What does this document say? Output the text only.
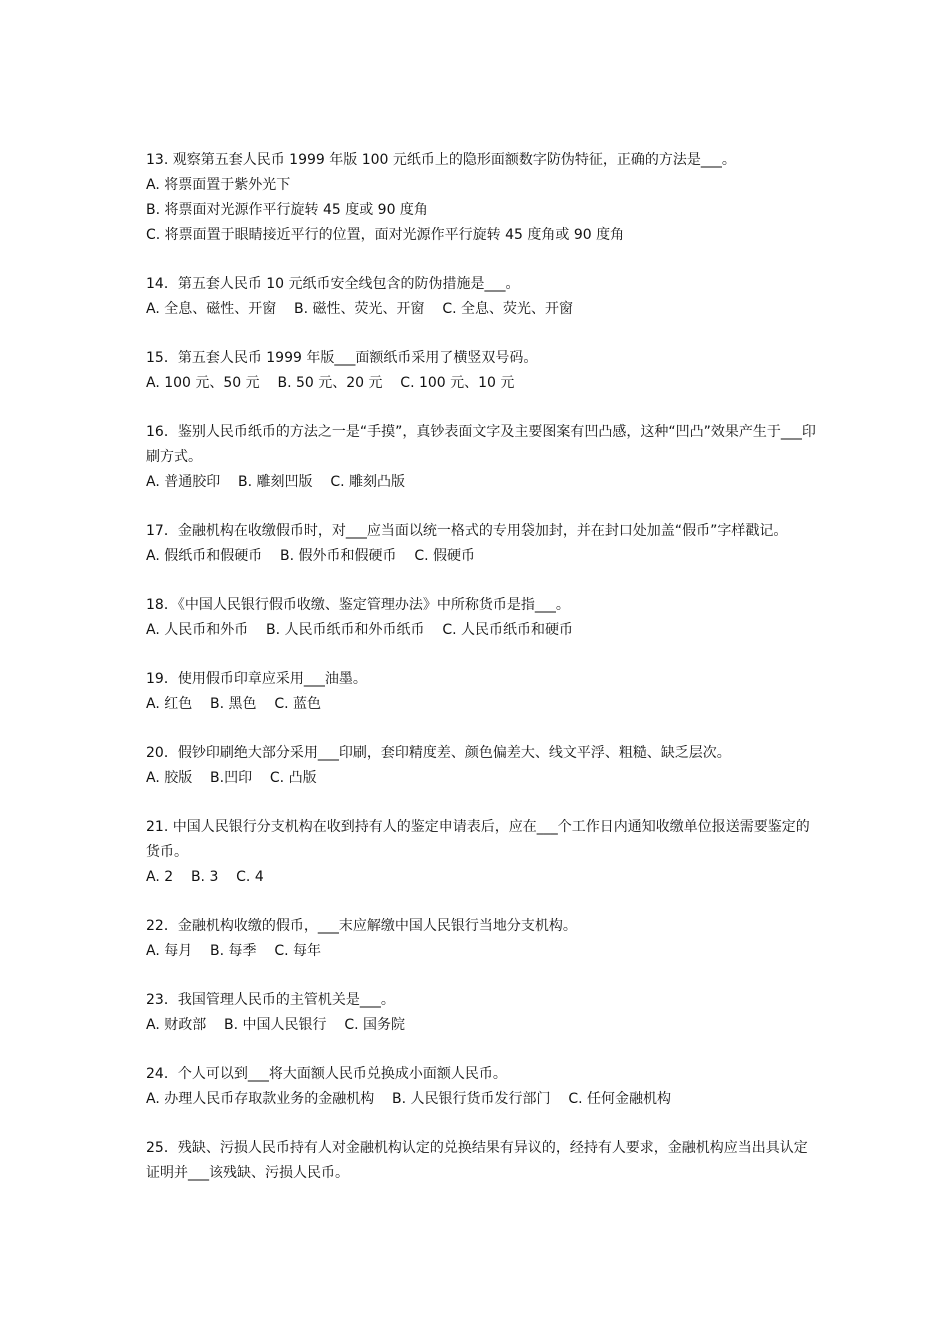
13. 观察第五套人民币 1999 年版 100 元纸币上的隐形面额数字防伪特征，正确的方法是___。

A. 将票面置于紫外光下

B. 将票面对光源作平行旋转 45 度或 90 度角

C. 将票面置于眼睛接近平行的位置，面对光源作平行旋转 45 度角或 90 度角

14．第五套人民币 10 元纸币安全线包含的防伪措施是___。

A. 全息、磁性、开窗    B. 磁性、荧光、开窗    C. 全息、荧光、开窗

15．第五套人民币 1999 年版___面额纸币采用了横竖双号码。

A. 100 元、50 元    B. 50 元、20 元    C. 100 元、10 元

16．鉴别人民币纸币的方法之一是“手摸”，真钞表面文字及主要图案有凹凸感，这种“凹凸”效果产生于___印刷方式。

A. 普通胶印    B. 雕刻凹版    C. 雕刻凸版

17．金融机构在收缴假币时，对___应当面以统一格式的专用袋加封，并在封口处加盖“假币”字样戳记。

A. 假纸币和假硬币    B. 假外币和假硬币    C. 假硬币

18．《中国人民银行假币收缴、鉴定管理办法》中所称货币是指___。

A. 人民币和外币    B. 人民币纸币和外币纸币    C. 人民币纸币和硬币

19．使用假币印章应采用___油墨。

A. 红色    B. 黑色    C. 蓝色

20．假钞印刷绝大部分采用___印刷，套印精度差、颜色偏差大、线文平浮、粗糙、缺乏层次。

A. 胶版    B.凹印    C. 凸版

21. 中国人民银行分支机构在收到持有人的鉴定申请表后，应在___个工作日内通知收缴单位报送需要鉴定的货币。

A. 2    B. 3    C. 4

22．金融机构收缴的假币，___末应解缴中国人民银行当地分支机构。

A. 每月    B. 每季    C. 每年

23．我国管理人民币的主管机关是___。

A. 财政部    B. 中国人民银行    C. 国务院

24．个人可以到___将大面额人民币兑换成小面额人民币。

A. 办理人民币存取款业务的金融机构    B. 人民银行货币发行部门    C. 任何金融机构

25．残缺、污损人民币持有人对金融机构认定的兑换结果有异议的，经持有人要求，金融机构应当出具认定证明并___该残缺、污损人民币。
